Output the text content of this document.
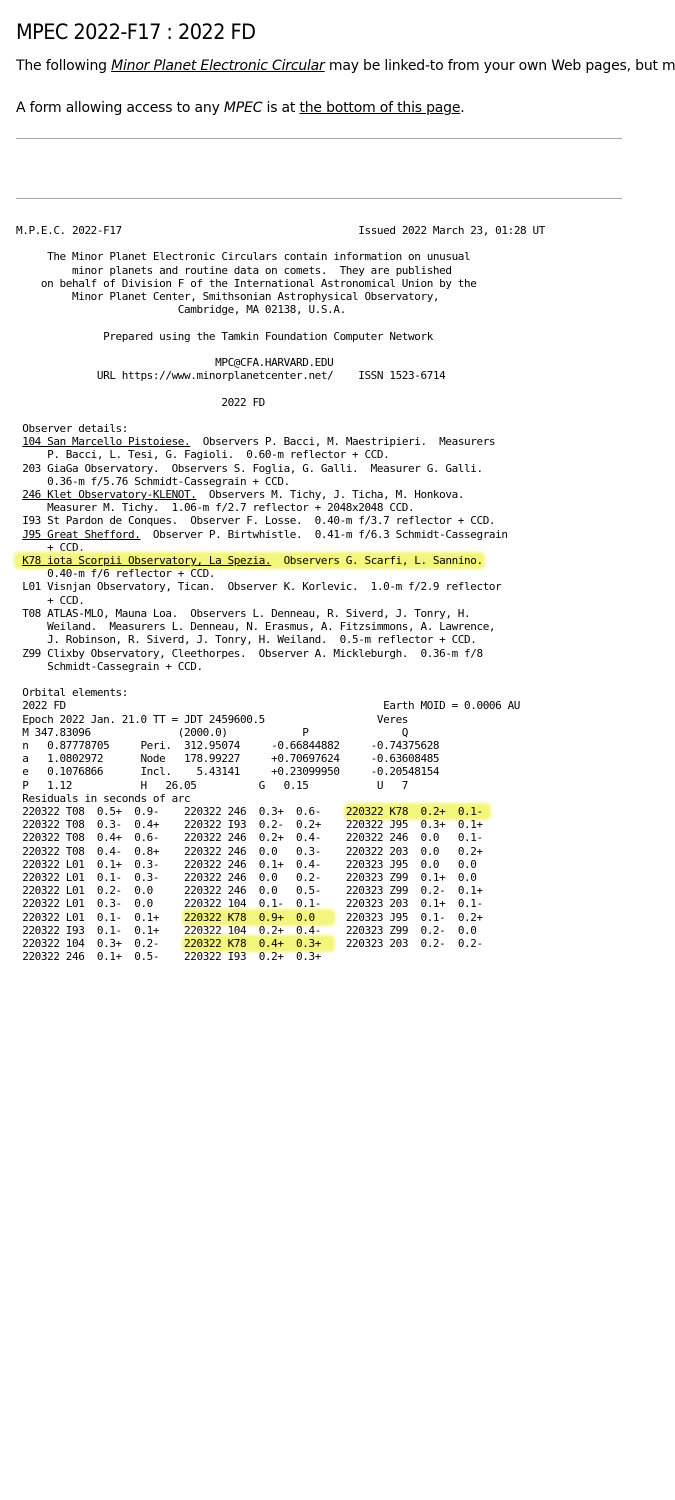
MPEC 2022-F17 : 2022 FD
The following Minor Planet Electronic Circular may be linked-to from your own Web pages, but m
A form allowing access to any MPEC is at the bottom of this page.
M.P.E.C. 2022-F17	Issued 2022 March 23, 01:28 UT

The Minor Planet Electronic Circulars contain information on unusual
minor planets and routine data on comets.  They are published
on behalf of Division F of the International Astronomical Union by the
Minor Planet Center, Smithsonian Astrophysical Observatory,
Cambridge, MA 02138, U.S.A.

Prepared using the Tamkin Foundation Computer Network

MPC@CFA.HARVARD.EDU
URL https://www.minorplanetcenter.net/    ISSN 1523-6714

2022 FD

Observer details:
104 San Marcello Pistoiese.  Observers P. Bacci, M. Maestripieri.  Measurers
P. Bacci, L. Tesi, G. Fagioli.  0.60-m reflector + CCD.
203 GiaGa Observatory.  Observers S. Foglia, G. Galli.  Measurer G. Galli.
0.36-m f/5.76 Schmidt-Cassegrain + CCD.
246 Klet Observatory-KLENOT.  Observers M. Tichy, J. Ticha, M. Honkova.
Measurer M. Tichy.  1.06-m f/2.7 reflector + 2048x2048 CCD.
I93 St Pardon de Conques.  Observer F. Losse.  0.40-m f/3.7 reflector + CCD.
J95 Great Shefford.  Observer P. Birtwhistle.  0.41-m f/6.3 Schmidt-Cassegrain
+ CCD.
K78 iota Scorpii Observatory, La Spezia.  Observers G. Scarfi, L. Sannino.
0.40-m f/6 reflector + CCD.
L01 Visnjan Observatory, Tican.  Observer K. Korlevic.  1.0-m f/2.9 reflector
+ CCD.
T08 ATLAS-MLO, Mauna Loa.  Observers L. Denneau, R. Siverd, J. Tonry, H.
Weiland.  Measurers L. Denneau, N. Erasmus, A. Fitzsimmons, A. Lawrence,
J. Robinson, R. Siverd, J. Tonry, H. Weiland.  0.5-m reflector + CCD.
Z99 Clixby Observatory, Cleethorpes.  Observer A. Mickleburgh.  0.36-m f/8
Schmidt-Cassegrain + CCD.

Orbital elements:
2022 FD                                                   Earth MOID = 0.0006 AU
Epoch 2022 Jan. 21.0 TT = JDT 2459600.5                  Veres
M 347.83096              (2000.0)            P               Q
n   0.87778705     Peri.  312.95074     -0.66844882     -0.74375628
a   1.0802972      Node   178.99227     +0.70697624     -0.63608485
e   0.1076866      Incl.    5.43141     +0.23099950     -0.20548154
P   1.12           H   26.05          G   0.15           U   7
Residuals in seconds of arc
220322 T08  0.5+  0.9-    220322 246  0.3+  0.6-    220322 K78  0.2+  0.1-
220322 T08  0.3-  0.4+    220322 I93  0.2-  0.2+    220322 J95  0.3+  0.1+
220322 T08  0.4+  0.6-    220322 246  0.2+  0.4-    220322 246  0.0   0.1-
220322 T08  0.4-  0.8+    220322 246  0.0   0.3-    220322 203  0.0   0.2+
220322 L01  0.1+  0.3-    220322 246  0.1+  0.4-    220323 J95  0.0   0.0
220322 L01  0.1-  0.3-    220322 246  0.0   0.2-    220323 Z99  0.1+  0.0
220322 L01  0.2-  0.0     220322 246  0.0   0.5-    220323 Z99  0.2-  0.1+
220322 L01  0.3-  0.0     220322 104  0.1-  0.1-    220323 203  0.1+  0.1-
220322 L01  0.1-  0.1+    220322 K78  0.9+  0.0     220323 J95  0.1-  0.2+
220322 I93  0.1-  0.1+    220322 104  0.2+  0.4-    220323 Z99  0.2-  0.0
220322 104  0.3+  0.2-    220322 K78  0.4+  0.3+    220323 203  0.2-  0.2-
220322 246  0.1+  0.5-    220322 I93  0.2+  0.3+
